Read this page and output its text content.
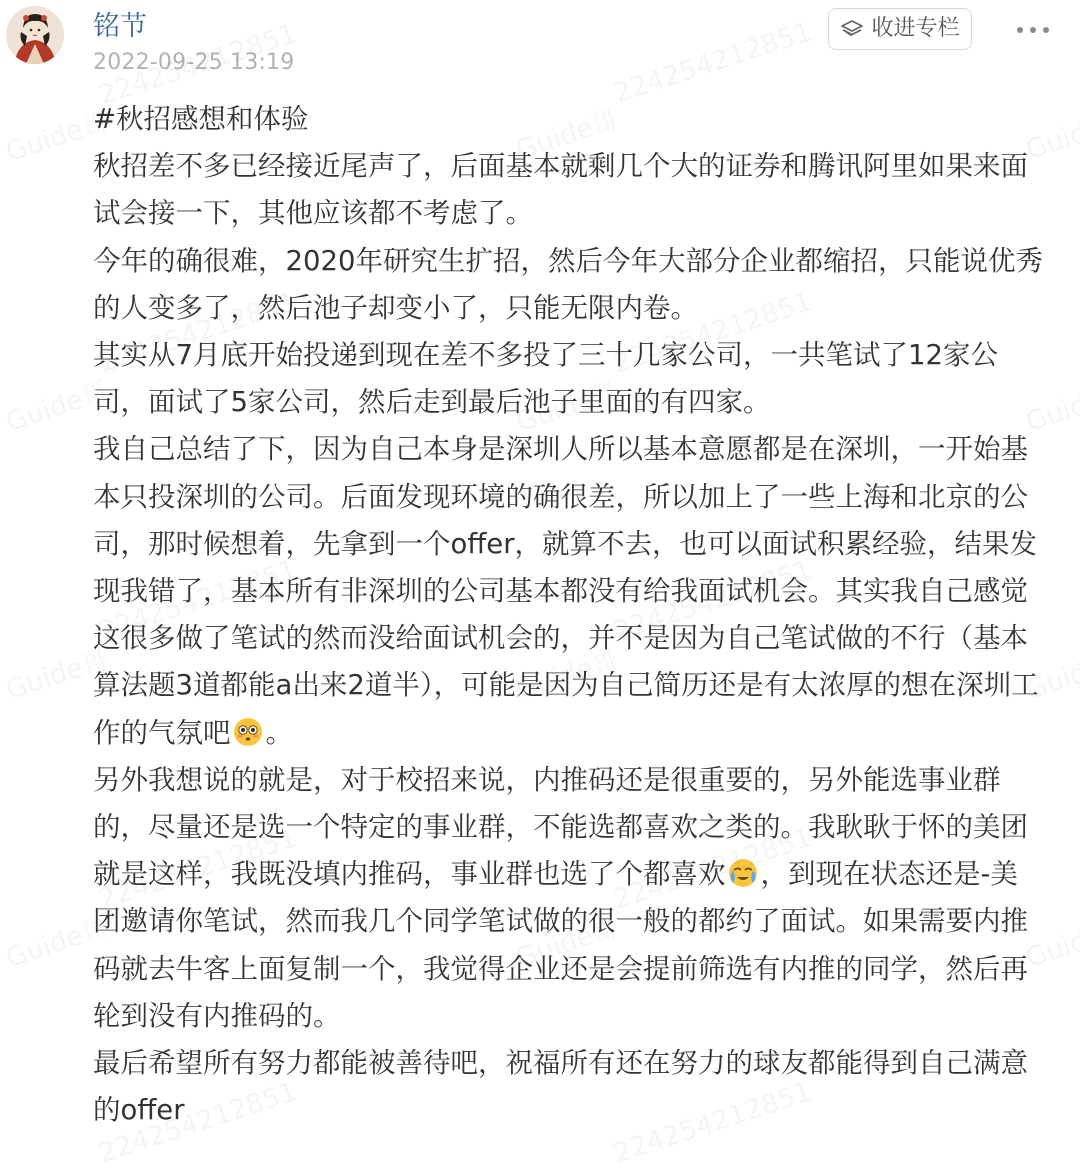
铭节
2022-09-25 13:19
收进专栏

#秋招感想和体验

秋招差不多已经接近尾声了，后面基本就剩几个大的证券和腾讯阿里如果来面试会接一下，其他应该都不考虑了。

今年的确很难，2020年研究生扩招，然后今年大部分企业都缩招，只能说优秀的人变多了，然后池子却变小了，只能无限内卷。

其实从7月底开始投递到现在差不多投了三十几家公司，一共笔试了12家公司，面试了5家公司，然后走到最后池子里面的有四家。

我自己总结了下，因为自己本身是深圳人所以基本意愿都是在深圳，一开始基本只投深圳的公司。后面发现环境的确很差，所以加上了一些上海和北京的公司，那时候想着，先拿到一个offer，就算不去，也可以面试积累经验，结果发现我错了，基本所有非深圳的公司基本都没有给我面试机会。其实我自己感觉这很多做了笔试的然而没给面试机会的，并不是因为自己笔试做的不行（基本算法题3道都能a出来2道半），可能是因为自己简历还是有太浓厚的想在深圳工作的气氛吧 。

另外我想说的就是，对于校招来说，内推码还是很重要的，另外能选事业群的，尽量还是选一个特定的事业群，不能选都喜欢之类的。我耿耿于怀的美团就是这样，我既没填内推码，事业群也选了个都喜欢 ，到现在状态还是-美团邀请你笔试，然而我几个同学笔试做的很一般的都约了面试。如果需要内推码就去牛客上面复制一个，我觉得企业还是会提前筛选有内推的同学，然后再轮到没有内推码的。

最后希望所有努力都能被善待吧，祝福所有还在努力的球友都能得到自己满意的offer
